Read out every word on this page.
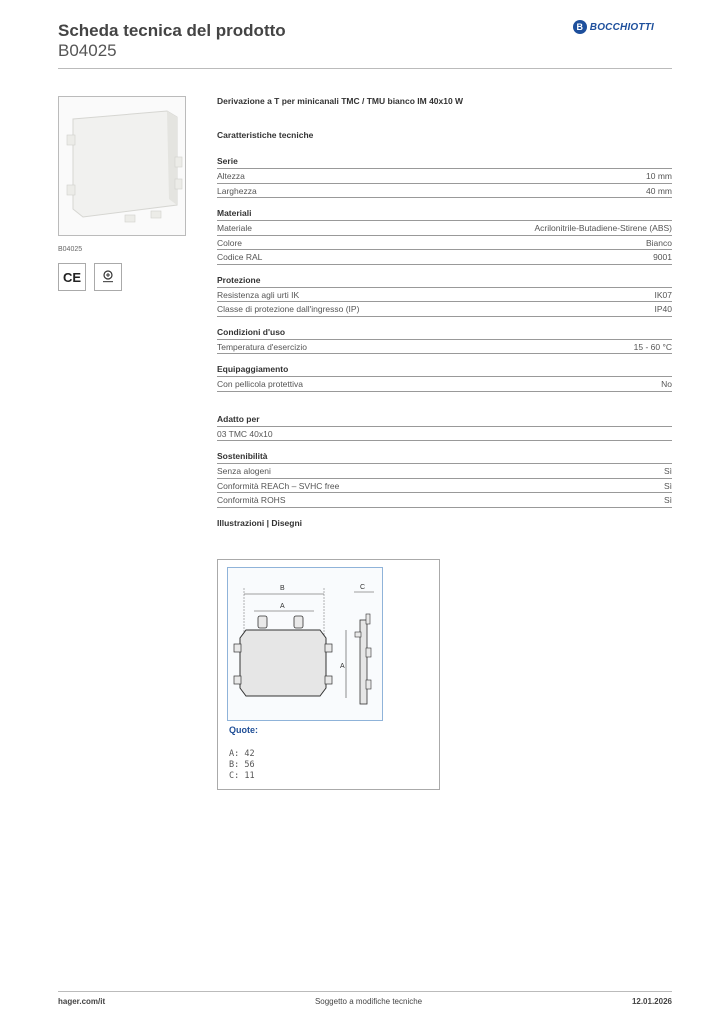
Scheda tecnica del prodotto
B04025
B BOCCHIOTTI
B04025
CE
Derivazione a T per minicanali TMC / TMU bianco IM 40x10 W
Caratteristiche tecniche
Serie
Altezza	10 mm
Larghezza	40 mm
Materiali
Materiale	Acrilonitrile-Butadiene-Stirene (ABS)
Colore	Bianco
Codice RAL	9001
Protezione
Resistenza agli urti IK	IK07
Classe di protezione dall'ingresso (IP)	IP40
Condizioni d'uso
Temperatura d'esercizio	15 - 60 °C
Equipaggiamento
Con pellicola protettiva	No
Adatto per
03 TMC 40x10
Sostenibilità
Senza alogeni	Sì
Conformità REACh – SVHC free	Sì
Conformità ROHS	Sì
Illustrazioni | Disegni
B
A
C
A
Quote:
A: 42
B: 56
C: 11
hager.com/it	Soggetto a modifiche tecniche	12.01.2026
